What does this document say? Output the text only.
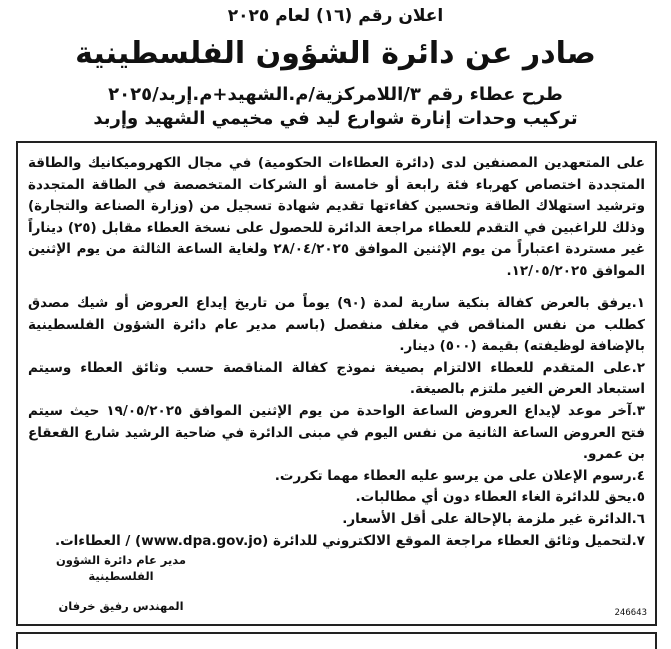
اعلان رقم (١٦) لعام ٢٠٢٥
صادر عن دائرة الشؤون الفلسطينية
طرح عطاء رقم ٣/اللامركزية/م.الشهيد+م.إربد/٢٠٢٥
تركيب وحدات إنارة شوارع ليد في مخيمي الشهيد وإربد

على المتعهدين المصنفين لدى (دائرة العطاءات الحكومية) في مجال الكهروميكانيك والطاقة المتجددة اختصاص كهرباء فئة رابعة أو خامسة أو الشركات المتخصصة في الطاقة المتجددة وترشيد استهلاك الطاقة وتحسين كفاءتها تقديم شهادة تسجيل من (وزارة الصناعة والتجارة) وذلك للراغبين في التقدم للعطاء مراجعة الدائرة للحصول على نسخة العطاء مقابل (٢٥) ديناراً غير مستردة اعتباراً من يوم الإثنين الموافق ٢٨/٠٤/٢٠٢٥ ولغاية الساعة الثالثة من يوم الإثنين الموافق ١٢/٠٥/٢٠٢٥.

١.يرفق بالعرض كفالة بنكية سارية لمدة (٩٠) يوماً من تاريخ إيداع العروض أو شيك مصدق كطلب من نفس المناقص في مغلف منفصل (باسم مدير عام دائرة الشؤون الفلسطينية بالإضافة لوظيفته) بقيمة (٥٠٠) دينار.

٢.على المتقدم للعطاء الالتزام بصيغة نموذج كفالة المناقصة حسب وثائق العطاء وسيتم استبعاد العرض الغير ملتزم بالصيغة.

٣.آخر موعد لإيداع العروض الساعة الواحدة من يوم الإثنين الموافق ١٩/٠٥/٢٠٢٥ حيث سيتم فتح العروض الساعة الثانية من نفس اليوم في مبنى الدائرة في ضاحية الرشيد شارع القعقاع بن عمرو.

٤.رسوم الإعلان على من يرسو عليه العطاء مهما تكررت.

٥.يحق للدائرة الغاء العطاء دون أي مطالبات.

٦.الدائرة غير ملزمة بالإحالة على أقل الأسعار.

٧.لتحميل وثائق العطاء مراجعة الموقع الالكتروني للدائرة (www.dpa.gov.jo) / العطاءات.

مدير عام دائرة الشؤون الفلسطينية
المهندس رفيق خرفان	246643
